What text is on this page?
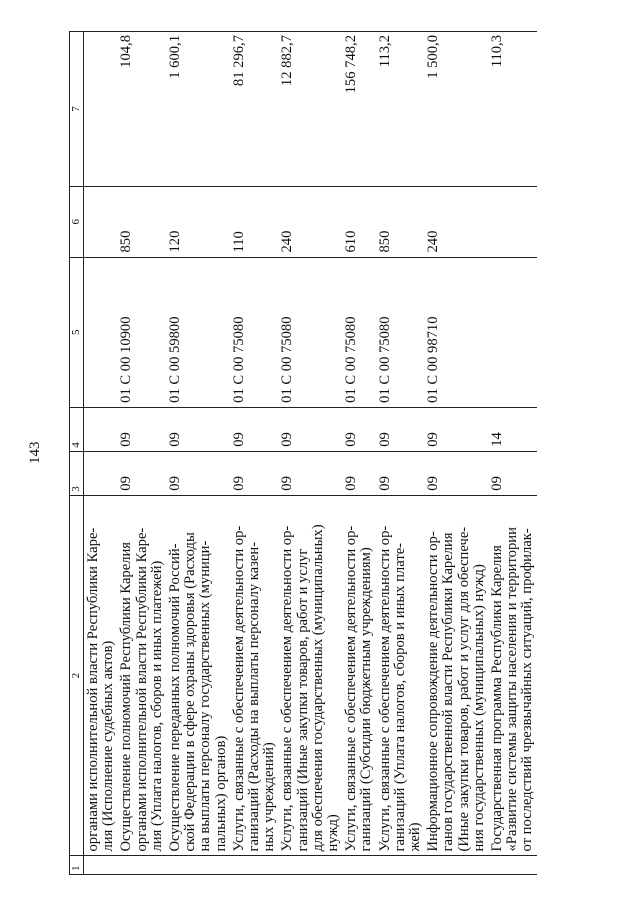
143
1	2	3	4	5	6	7
	органами исполнительной власти Республики Каре-
лия (Исполнение судебных актов)					
	Осуществление полномочий Республики Карелия
органами исполнительной власти Республики Каре-
лия (Уплата налогов, сборов и иных платежей)	09	09	01 С 00 10900	850	104,8
	Осуществление переданных полномочий Россий-
ской Федерации в сфере охраны здоровья (Расходы
на выплаты персоналу государственных (муници-
пальных) органов)	09	09	01 С 00 59800	120	1 600,1
	Услуги, связанные с обеспечением деятельности ор-
ганизаций (Расходы на выплаты персоналу казен-
ных учреждений)	09	09	01 С 00 75080	110	81 296,7
	Услуги, связанные с обеспечением деятельности ор-
ганизаций (Иные закупки товаров, работ и услуг
для обеспечения государственных (муниципальных)
нужд)	09	09	01 С 00 75080	240	12 882,7
	Услуги, связанные с обеспечением деятельности ор-
ганизаций (Субсидии бюджетным учреждениям)	09	09	01 С 00 75080	610	156 748,2
	Услуги, связанные с обеспечением деятельности ор-
ганизаций (Уплата налогов, сборов и иных плате-
жей)	09	09	01 С 00 75080	850	113,2
	Информационное сопровождение деятельности ор-
ганов государственной власти Республики Карелия
(Иные закупки товаров, работ и услуг для обеспече-
ния государственных (муниципальных) нужд)	09	09	01 С 00 98710	240	1 500,0
	Государственная программа Республики Карелия
«Развитие системы защиты населения и территории
от последствий чрезвычайных ситуаций, профилак-	09	14			110,3
